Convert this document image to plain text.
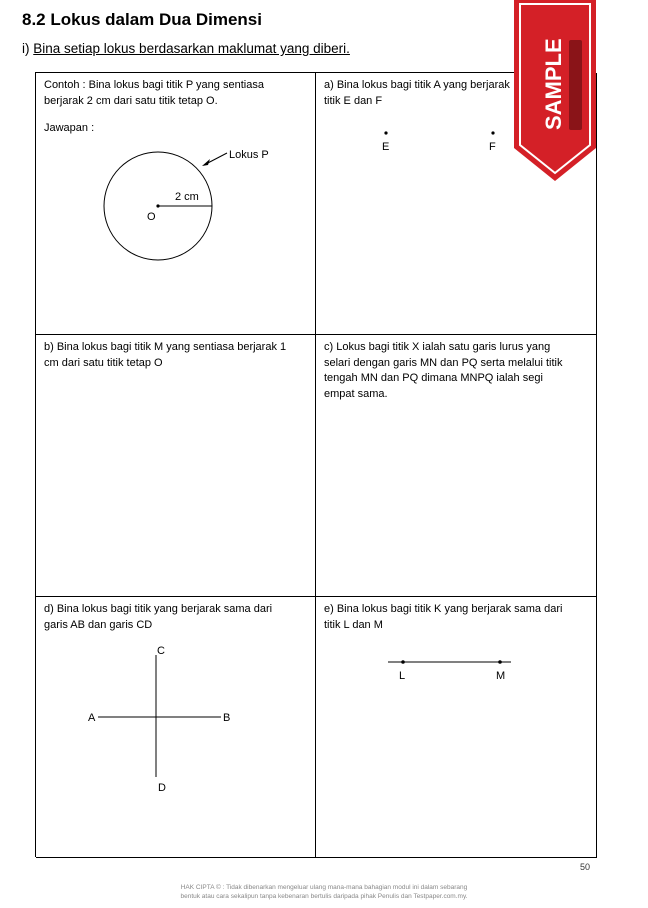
8.2 Lokus dalam Dua Dimensi
i) Bina setiap lokus berdasarkan maklumat yang diberi.

Contoh : Bina lokus bagi titik P yang sentiasa

berjarak 2 cm dari satu titik tetap O.

Jawapan :

Lokus P
2 cm
O

a) Bina lokus bagi titik A yang berjarak

titik E dan F

E	F

b) Bina lokus bagi titik M yang sentiasa berjarak 1

cm dari satu titik tetap O

c) Lokus bagi titik X ialah satu garis lurus yang

selari dengan garis MN dan PQ serta melalui titik

tengah MN dan PQ dimana MNPQ ialah segi

empat sama.

d) Bina lokus bagi titik yang berjarak sama dari

garis AB dan garis CD

A	B
C
D

e) Bina lokus bagi titik K yang berjarak sama dari

titik L dan M

L	M
SAMPLE
50
HAK CIPTA © : Tidak dibenarkan mengeluar ulang mana-mana bahagian modul ini dalam sebarang
bentuk atau cara sekalipun tanpa kebenaran bertulis daripada pihak Penulis dan Testpaper.com.my.
